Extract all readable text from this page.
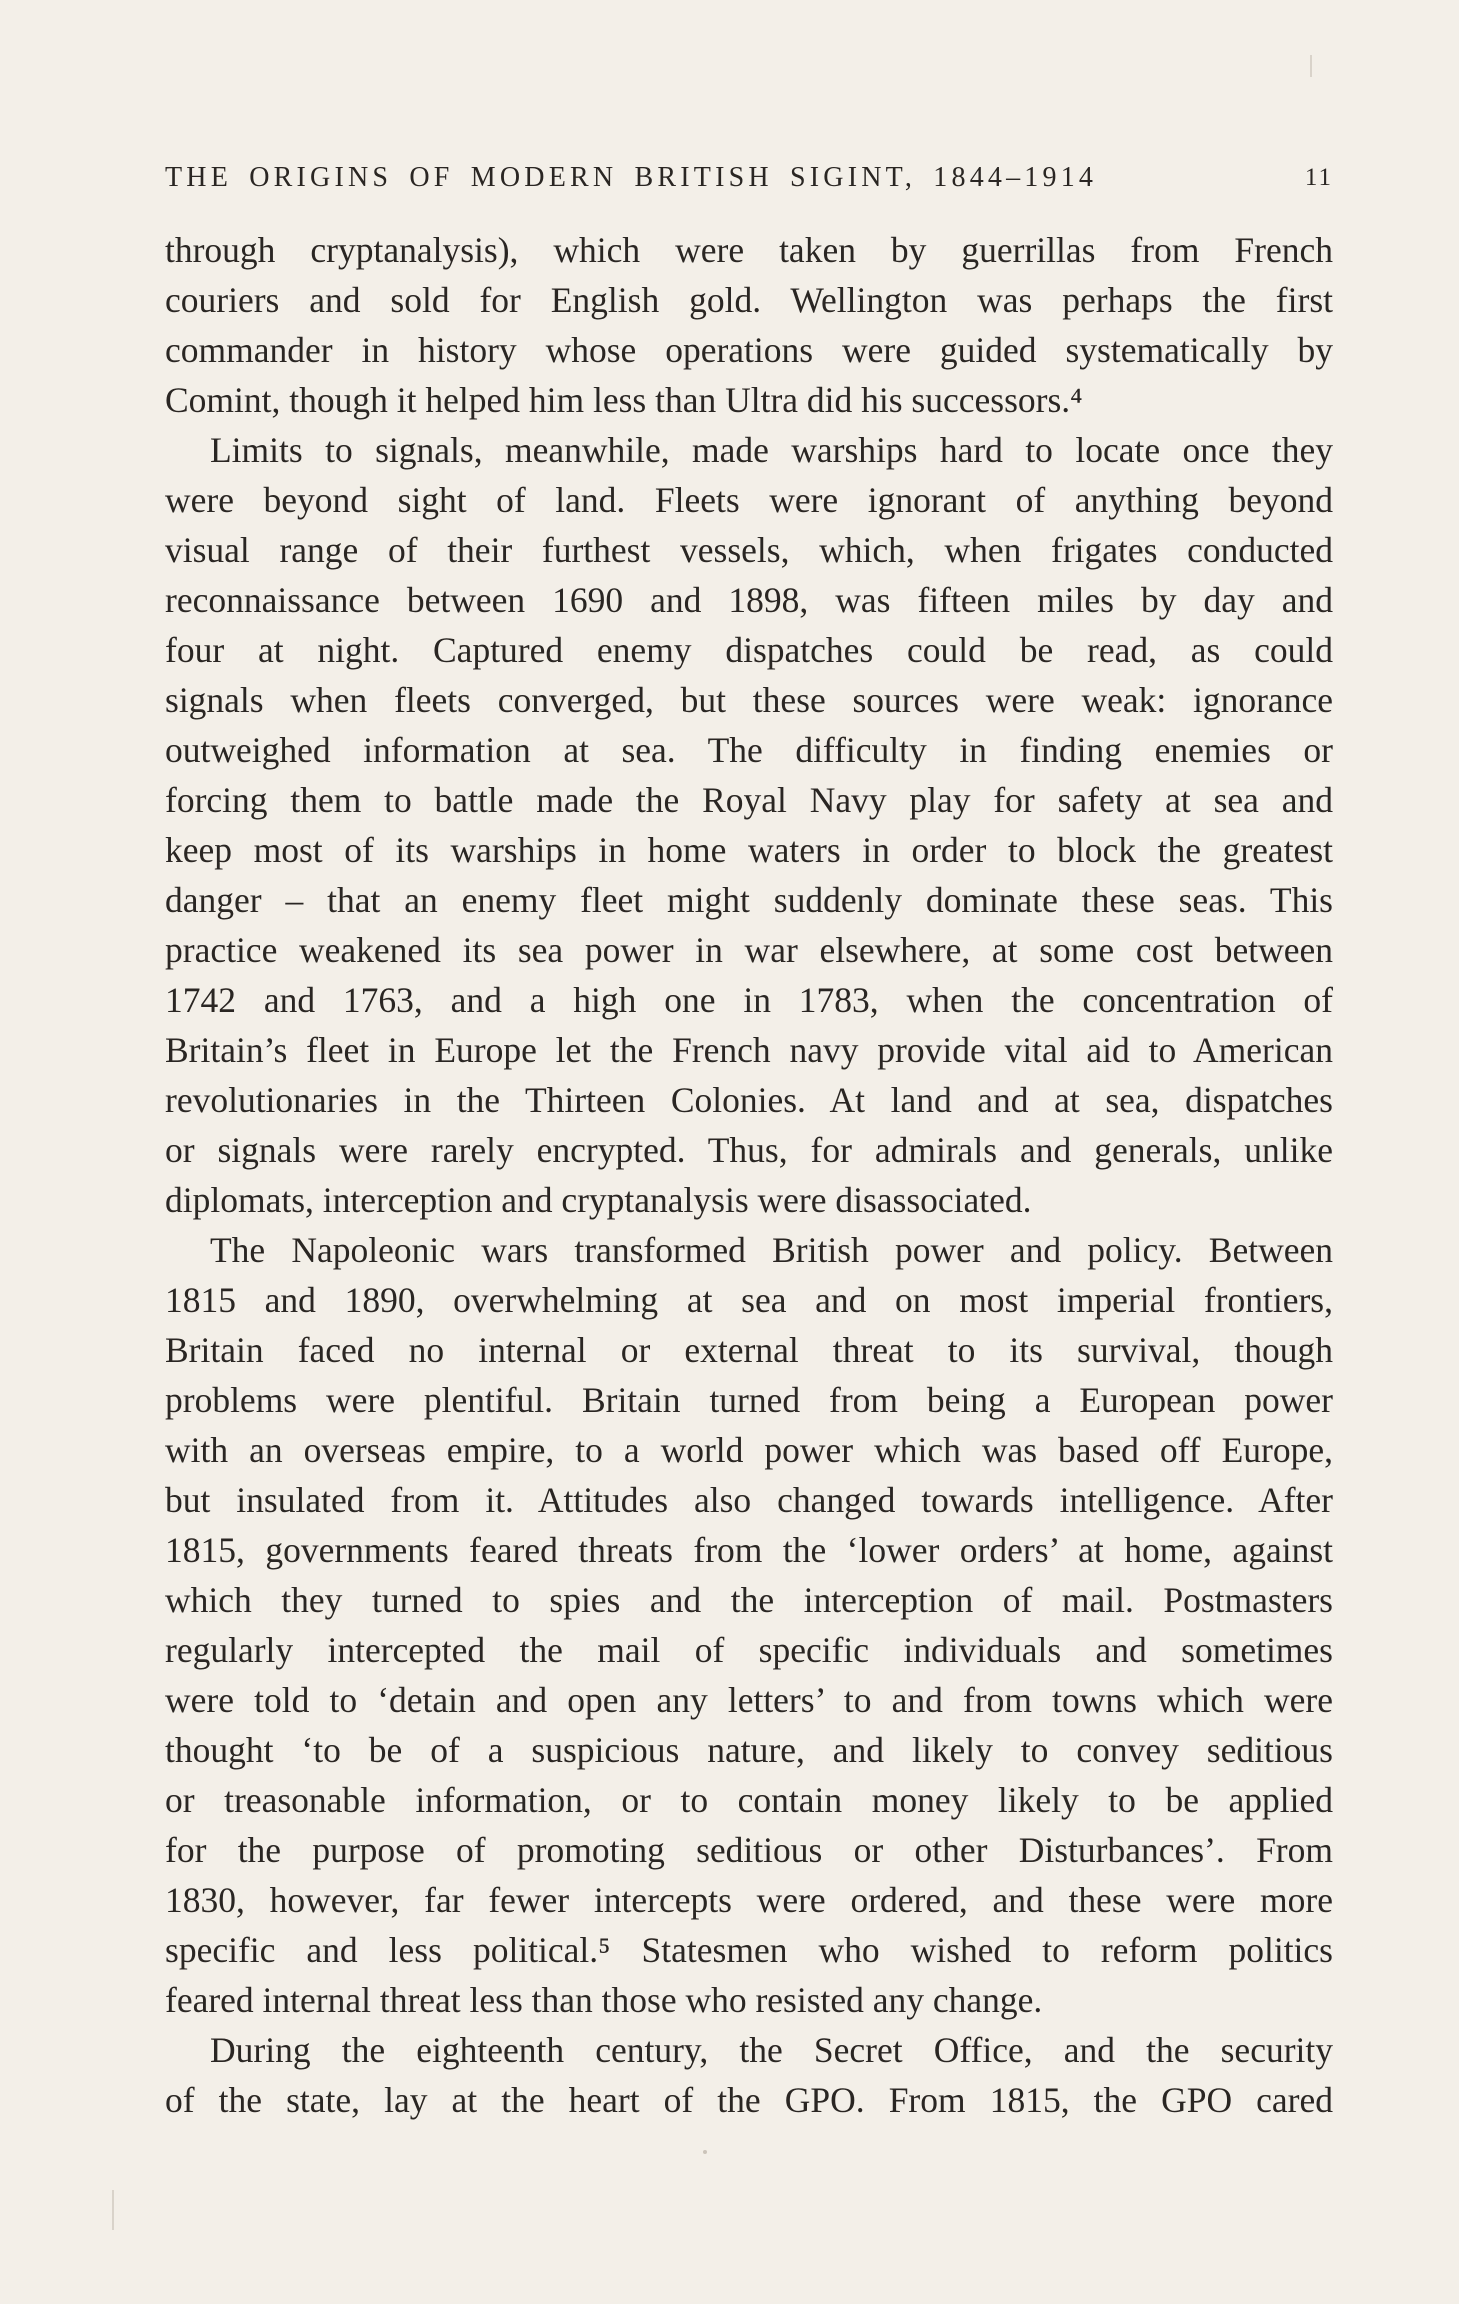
THE ORIGINS OF MODERN BRITISH SIGINT, 1844–1914	11
through cryptanalysis), which were taken by guerrillas from French
couriers and sold for English gold. Wellington was perhaps the first
commander in history whose operations were guided systematically by
Comint, though it helped him less than Ultra did his successors.⁴
Limits to signals, meanwhile, made warships hard to locate once they
were beyond sight of land. Fleets were ignorant of anything beyond
visual range of their furthest vessels, which, when frigates conducted
reconnaissance between 1690 and 1898, was fifteen miles by day and
four at night. Captured enemy dispatches could be read, as could
signals when fleets converged, but these sources were weak: ignorance
outweighed information at sea. The difficulty in finding enemies or
forcing them to battle made the Royal Navy play for safety at sea and
keep most of its warships in home waters in order to block the greatest
danger – that an enemy fleet might suddenly dominate these seas. This
practice weakened its sea power in war elsewhere, at some cost between
1742 and 1763, and a high one in 1783, when the concentration of
Britain’s fleet in Europe let the French navy provide vital aid to American
revolutionaries in the Thirteen Colonies. At land and at sea, dispatches
or signals were rarely encrypted. Thus, for admirals and generals, unlike
diplomats, interception and cryptanalysis were disassociated.
The Napoleonic wars transformed British power and policy. Between
1815 and 1890, overwhelming at sea and on most imperial frontiers,
Britain faced no internal or external threat to its survival, though
problems were plentiful. Britain turned from being a European power
with an overseas empire, to a world power which was based off Europe,
but insulated from it. Attitudes also changed towards intelligence. After
1815, governments feared threats from the ‘lower orders’ at home, against
which they turned to spies and the interception of mail. Postmasters
regularly intercepted the mail of specific individuals and sometimes
were told to ‘detain and open any letters’ to and from towns which were
thought ‘to be of a suspicious nature, and likely to convey seditious
or treasonable information, or to contain money likely to be applied
for the purpose of promoting seditious or other Disturbances’. From
1830, however, far fewer intercepts were ordered, and these were more
specific and less political.⁵ Statesmen who wished to reform politics
feared internal threat less than those who resisted any change.
During the eighteenth century, the Secret Office, and the security
of the state, lay at the heart of the GPO. From 1815, the GPO cared
